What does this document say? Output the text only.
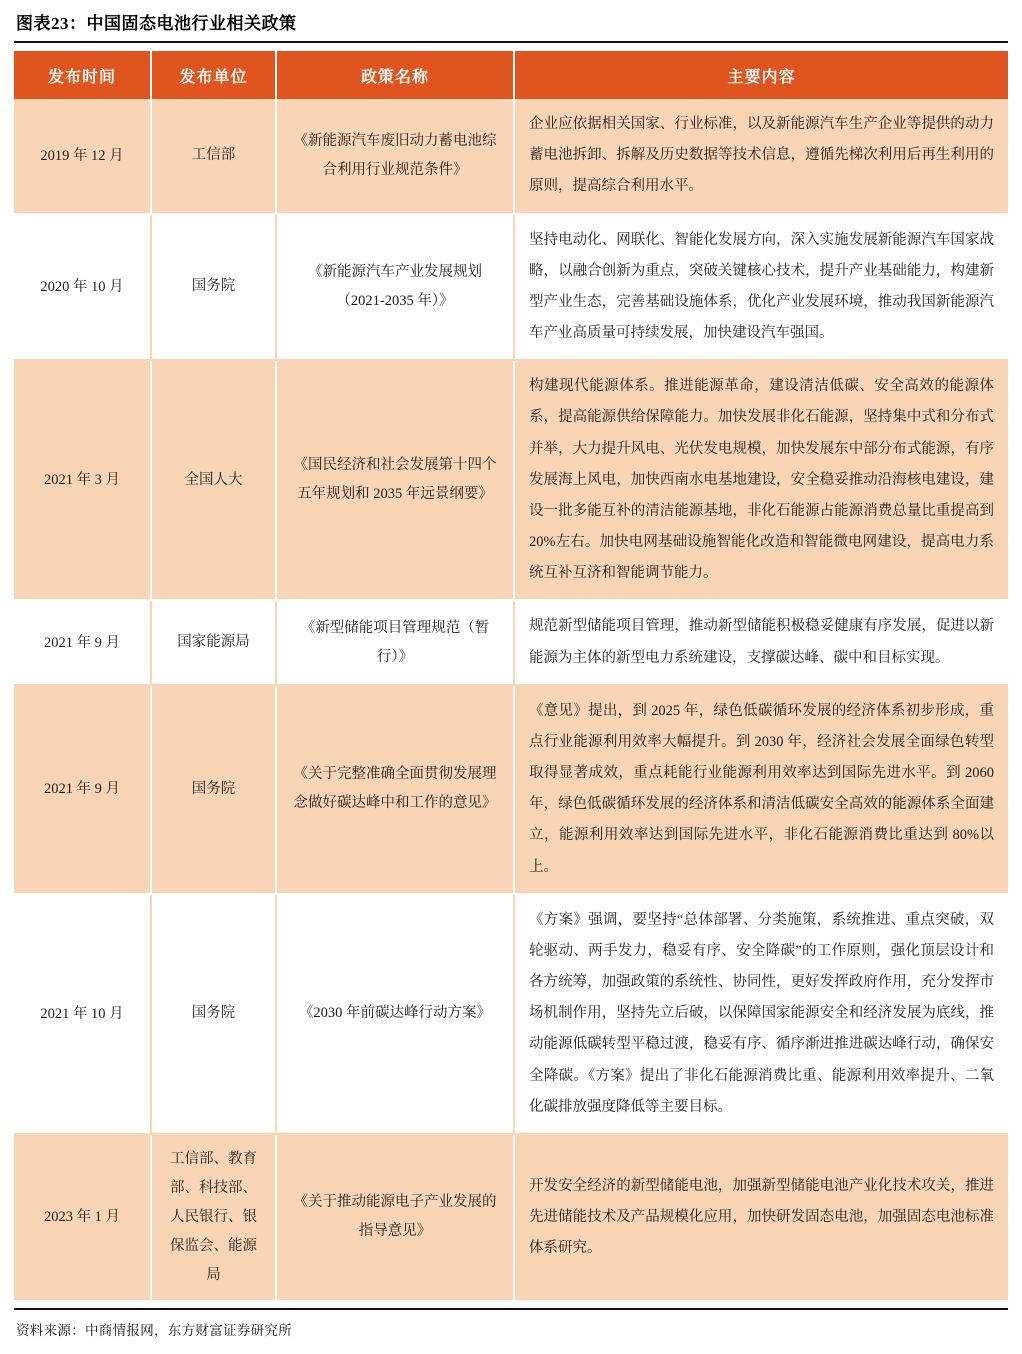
图表23：中国固态电池行业相关政策
发布时间	发布单位	政策名称	主要内容
2019 年 12 月	工信部	《新能源汽车废旧动力蓄电池综合利用行业规范条件》	企业应依据相关国家、行业标准，以及新能源汽车生产企业等提供的动力蓄电池拆卸、拆解及历史数据等技术信息，遵循先梯次利用后再生利用的原则，提高综合利用水平。
2020 年 10 月	国务院	《新能源汽车产业发展规划（2021-2035 年）》	坚持电动化、网联化、智能化发展方向，深入实施发展新能源汽车国家战略，以融合创新为重点，突破关键核心技术，提升产业基础能力，构建新型产业生态，完善基础设施体系，优化产业发展环境，推动我国新能源汽车产业高质量可持续发展，加快建设汽车强国。
2021 年 3 月	全国人大	《国民经济和社会发展第十四个五年规划和 2035 年远景纲要》	构建现代能源体系。推进能源革命，建设清洁低碳、安全高效的能源体系，提高能源供给保障能力。加快发展非化石能源，坚持集中式和分布式并举，大力提升风电、光伏发电规模，加快发展东中部分布式能源，有序发展海上风电，加快西南水电基地建设，安全稳妥推动沿海核电建设，建设一批多能互补的清洁能源基地，非化石能源占能源消费总量比重提高到 20%左右。加快电网基础设施智能化改造和智能微电网建设，提高电力系统互补互济和智能调节能力。
2021 年 9 月	国家能源局	《新型储能项目管理规范（暂行）》	规范新型储能项目管理，推动新型储能积极稳妥健康有序发展，促进以新能源为主体的新型电力系统建设，支撑碳达峰、碳中和目标实现。
2021 年 9 月	国务院	《关于完整准确全面贯彻发展理念做好碳达峰中和工作的意见》	《意见》提出，到 2025 年，绿色低碳循环发展的经济体系初步形成，重点行业能源利用效率大幅提升。到 2030 年，经济社会发展全面绿色转型取得显著成效，重点耗能行业能源利用效率达到国际先进水平。到 2060 年，绿色低碳循环发展的经济体系和清洁低碳安全高效的能源体系全面建立，能源利用效率达到国际先进水平，非化石能源消费比重达到 80%以上。
2021 年 10 月	国务院	《2030 年前碳达峰行动方案》	《方案》强调，要坚持“总体部署、分类施策，系统推进、重点突破，双轮驱动、两手发力，稳妥有序、安全降碳”的工作原则，强化顶层设计和各方统筹，加强政策的系统性、协同性，更好发挥政府作用，充分发挥市场机制作用，坚持先立后破，以保障国家能源安全和经济发展为底线，推动能源低碳转型平稳过渡，稳妥有序、循序渐进推进碳达峰行动，确保安全降碳。《方案》提出了非化石能源消费比重、能源利用效率提升、二氧化碳排放强度降低等主要目标。
2023 年 1 月	工信部、教育部、科技部、人民银行、银保监会、能源局	《关于推动能源电子产业发展的指导意见》	开发安全经济的新型储能电池，加强新型储能电池产业化技术攻关，推进先进储能技术及产品规模化应用，加快研发固态电池，加强固态电池标准体系研究。
资料来源：中商情报网，东方财富证券研究所
